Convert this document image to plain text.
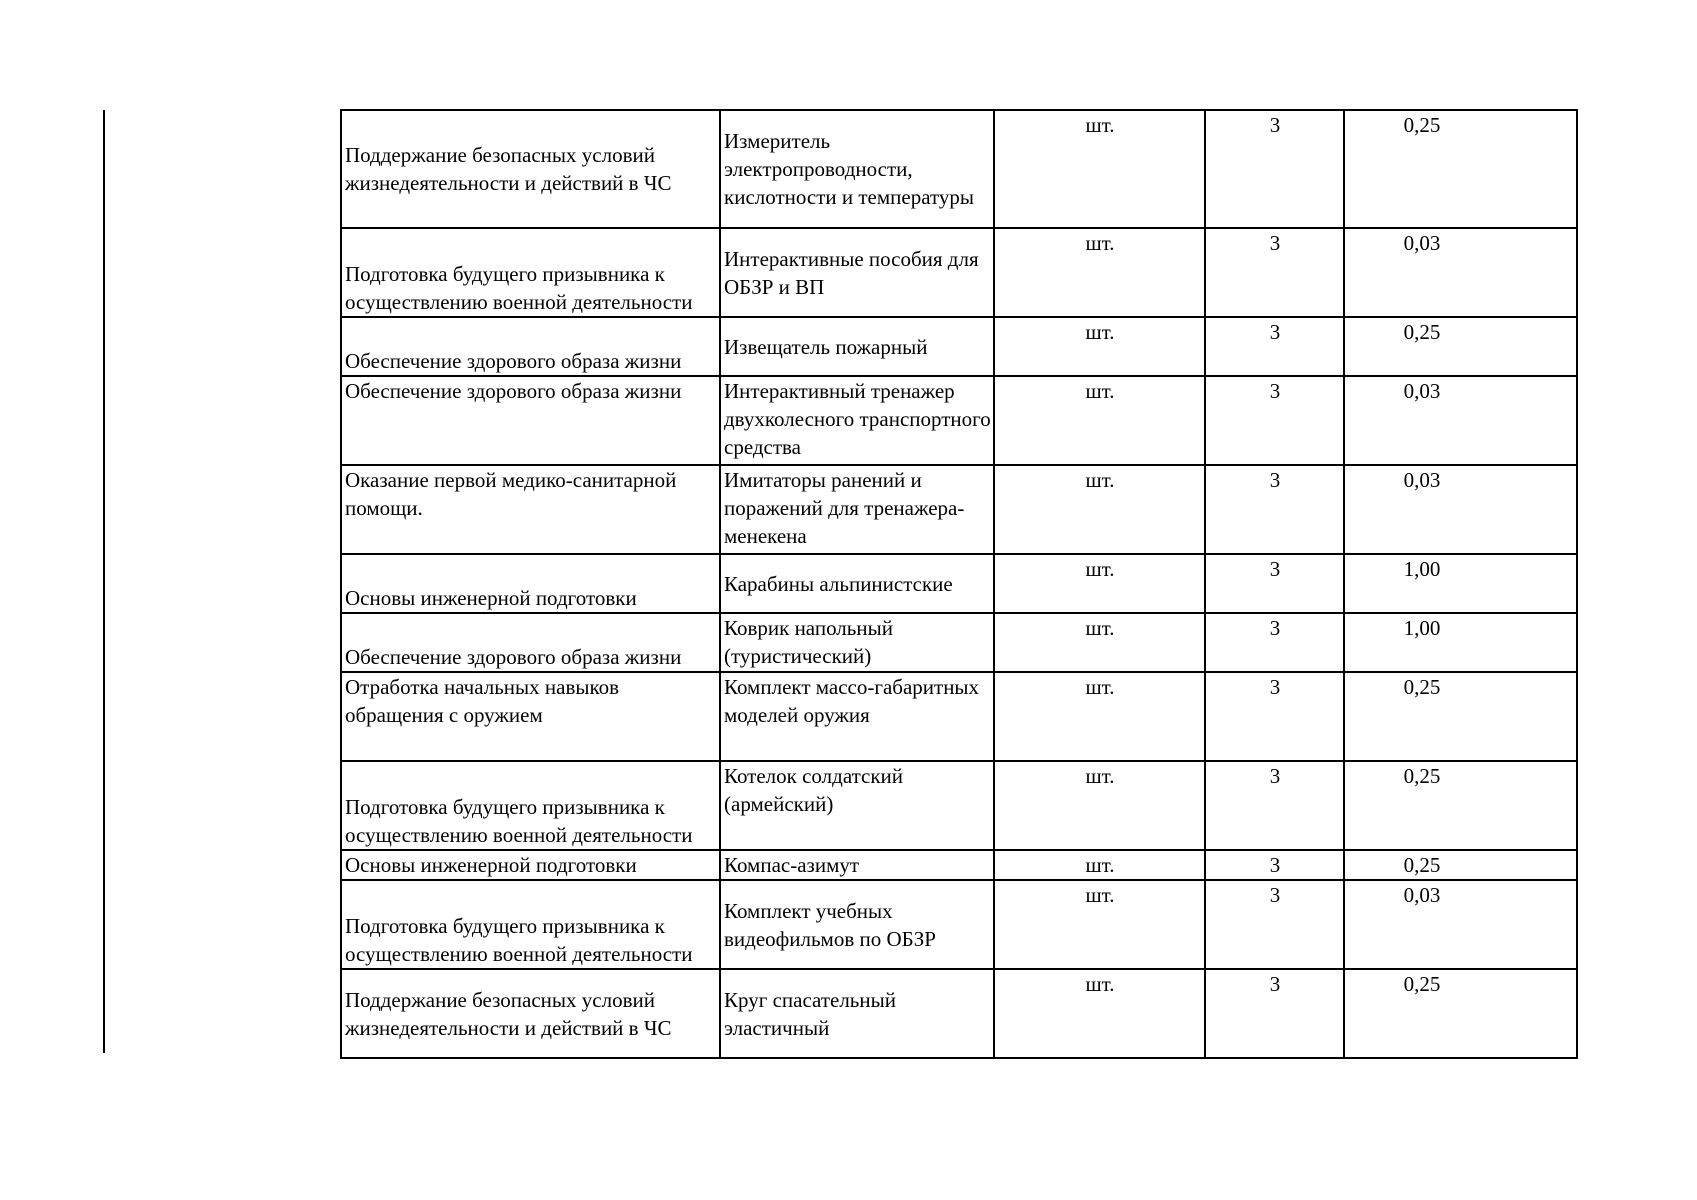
Поддержание безопасных условий жизнедеятельности и действий в ЧС	Измеритель электропроводности, кислотности и температуры	шт.	3	0,25
Подготовка будущего призывника к осуществлению военной деятельности	Интерактивные пособия для ОБЗР и ВП	шт.	3	0,03
Обеспечение здорового образа жизни	Извещатель пожарный	шт.	3	0,25
Обеспечение здорового образа жизни	Интерактивный тренажер двухколесного транспортного средства	шт.	3	0,03
Оказание первой медико-санитарной помощи.	Имитаторы ранений и поражений для тренажера-менекена	шт.	3	0,03
Основы инженерной подготовки	Карабины альпинистские	шт.	3	1,00
Обеспечение здорового образа жизни	Коврик напольный (туристический)	шт.	3	1,00
Отработка начальных навыков обращения с оружием	Комплект массо-габаритных моделей оружия	шт.	3	0,25
Подготовка будущего призывника к осуществлению военной деятельности	Котелок солдатский (армейский)	шт.	3	0,25
Основы инженерной подготовки	Компас-азимут	шт.	3	0,25
Подготовка будущего призывника к осуществлению военной деятельности	Комплект учебных видеофильмов по ОБЗР	шт.	3	0,03
Поддержание безопасных условий жизнедеятельности и действий в ЧС	Круг спасательный эластичный	шт.	3	0,25
